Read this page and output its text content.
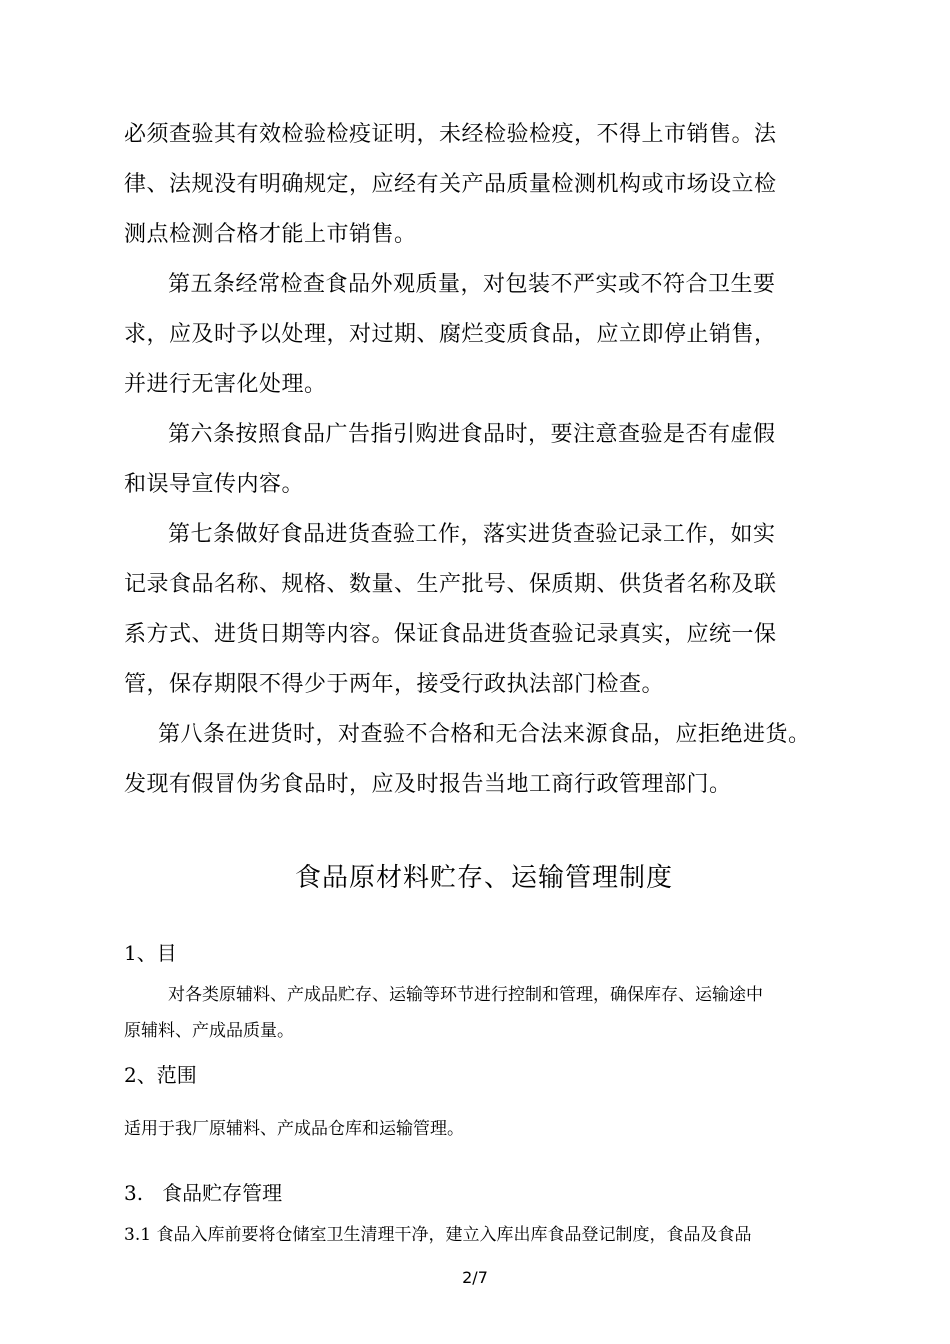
必须查验其有效检验检疫证明，未经检验检疫，不得上市销售。法
律、法规没有明确规定，应经有关产品质量检测机构或市场设立检
测点检测合格才能上市销售。
第五条经常检查食品外观质量，对包装不严实或不符合卫生要
求，应及时予以处理，对过期、腐烂变质食品，应立即停止销售，
并进行无害化处理。
第六条按照食品广告指引购进食品时，要注意查验是否有虚假
和误导宣传内容。
第七条做好食品进货查验工作，落实进货查验记录工作，如实
记录食品名称、规格、数量、生产批号、保质期、供货者名称及联
系方式、进货日期等内容。保证食品进货查验记录真实，应统一保
管，保存期限不得少于两年，接受行政执法部门检查。
第八条在进货时，对查验不合格和无合法来源食品，应拒绝进货。
发现有假冒伪劣食品时，应及时报告当地工商行政管理部门。
食品原材料贮存、运输管理制度
1、目
对各类原辅料、产成品贮存、运输等环节进行控制和管理，确保库存、运输途中
原辅料、产成品质量。
2、范围
适用于我厂原辅料、产成品仓库和运输管理。
3.   食品贮存管理
3.1 食品入库前要将仓储室卫生清理干净，建立入库出库食品登记制度，食品及食品
2/7
